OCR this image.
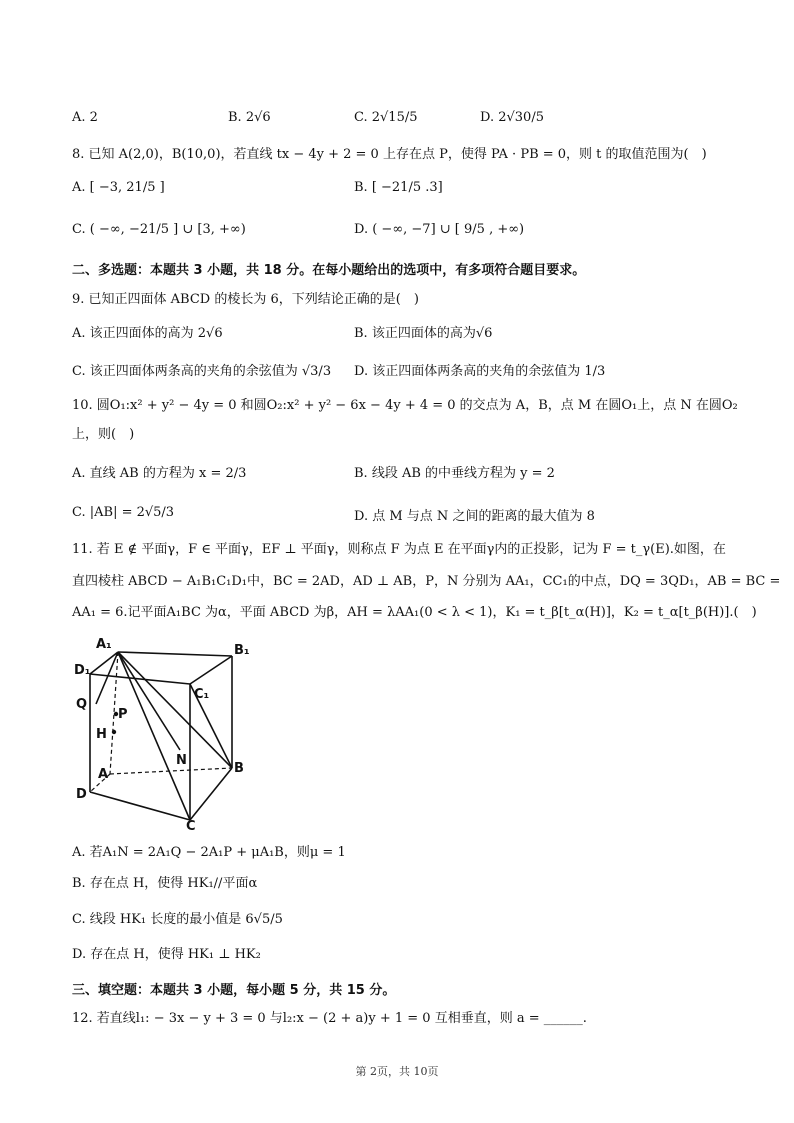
A. 2	B. 2√6	C. 2√15/5	D. 2√30/5
8. 已知 A(2,0)，B(10,0)，若直线 tx − 4y + 2 = 0 上存在点 P，使得 PA · PB = 0，则 t 的取值范围为(　)
A. [ −3, 21/5 ]	B. [ −21/5 .3]
C. ( −∞, −21/5 ] ∪ [3, +∞)	D. ( −∞, −7] ∪ [ 9/5 , +∞)
二、多选题：本题共 3 小题，共 18 分。在每小题给出的选项中，有多项符合题目要求。
9. 已知正四面体 ABCD 的棱长为 6，下列结论正确的是(　)
A. 该正四面体的高为 2√6	B. 该正四面体的高为√6
C. 该正四面体两条高的夹角的余弦值为 √3/3 D. 该正四面体两条高的夹角的余弦值为 1/3
10. 圆O₁:x² + y² − 4y = 0 和圆O₂:x² + y² − 6x − 4y + 4 = 0 的交点为 A，B，点 M 在圆O₁上，点 N 在圆O₂
上，则(　)
A. 直线 AB 的方程为 x = 2/3	B. 线段 AB 的中垂线方程为 y = 2
C. |AB| = 2√5/3	D. 点 M 与点 N 之间的距离的最大值为 8
11. 若 E ∉ 平面γ，F ∈ 平面γ，EF ⊥ 平面γ，则称点 F 为点 E 在平面γ内的正投影，记为 F = t_γ(E).如图，在
直四棱柱 ABCD − A₁B₁C₁D₁中，BC = 2AD，AD ⊥ AB，P，N 分别为 AA₁，CC₁的中点，DQ = 3QD₁，AB = BC =
AA₁ = 6.记平面A₁BC 为α，平面 ABCD 为β，AH = λAA₁(0 < λ < 1)，K₁ = t_β[t_α(H)]，K₂ = t_α[t_β(H)].(　)
A₁	B₁
D₁
C₁
Q
P
H
A
N
B
D
C
A. 若A₁N = 2A₁Q − 2A₁P + μA₁B，则μ = 1
B. 存在点 H，使得 HK₁//平面α
C. 线段 HK₁ 长度的最小值是 6√5/5
D. 存在点 H，使得 HK₁ ⊥ HK₂
三、填空题：本题共 3 小题，每小题 5 分，共 15 分。
12. 若直线l₁: − 3x − y + 3 = 0 与l₂:x − (2 + a)y + 1 = 0 互相垂直，则 a = ______.
第 2页，共 10页
